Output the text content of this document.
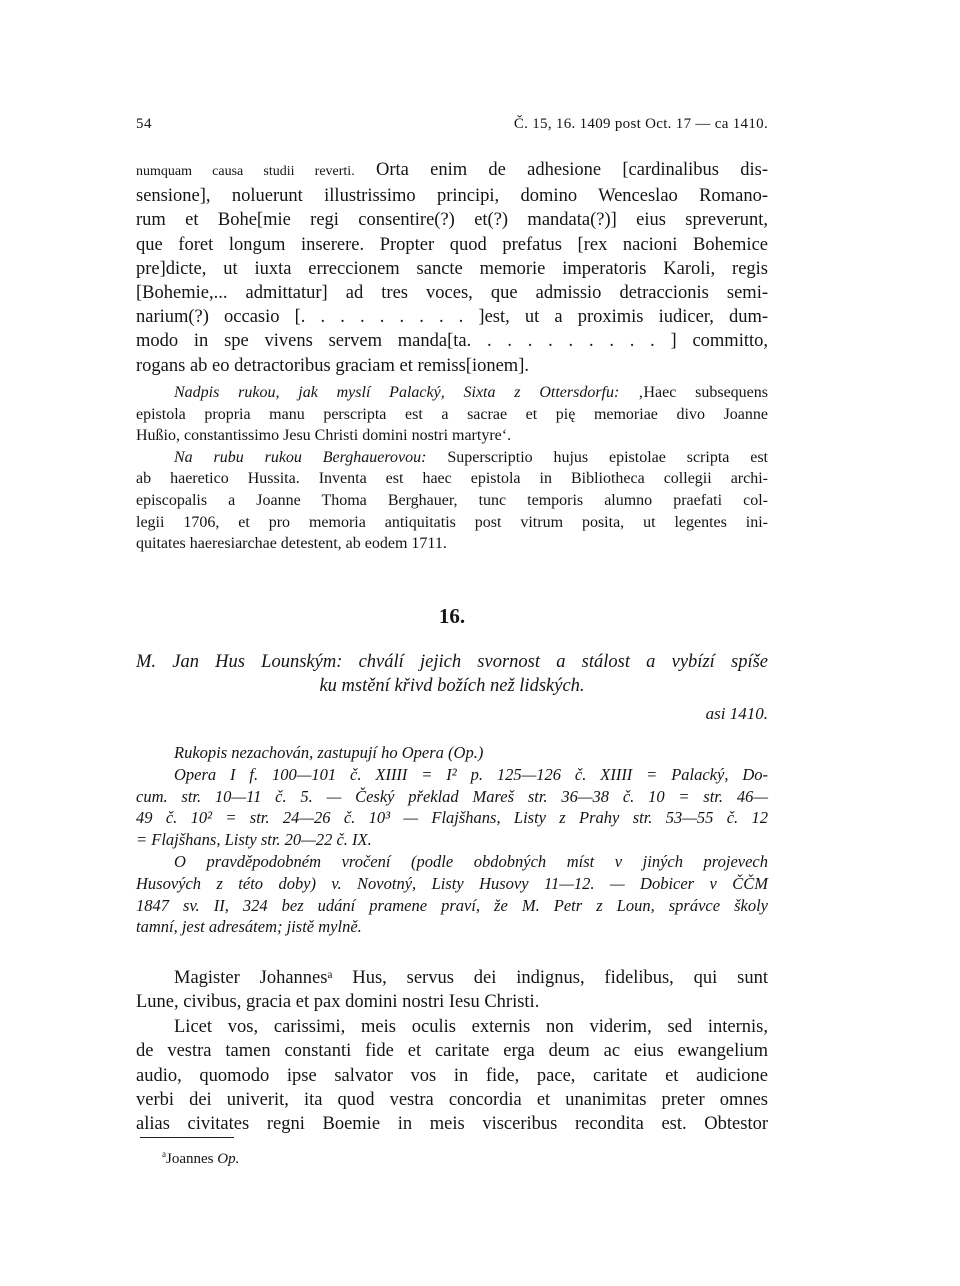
54	Č. 15, 16. 1409 post Oct. 17 — ca 1410.
numquam causa studii reverti. Orta enim de adhesione [cardinalibus dis-
sensione], noluerunt illustrissimo principi, domino Wenceslao Romano-
rum et Bohe[mie regi consentire(?) et(?) mandata(?)] eius spreverunt,
que foret longum inserere. Propter quod prefatus [rex nacioni Bohemice
pre]dicte, ut iuxta erreccionem sancte memorie imperatoris Karoli, regis
[Bohemie,... admittatur] ad tres voces, que admissio detraccionis semi-
narium(?) occasio [. . . . . . . . . ]est, ut a proximis iudicer, dum-
modo in spe vivens servem manda[ta. . . . . . . . . . ] committo,
rogans ab eo detractoribus graciam et remiss[ionem].
Nadpis rukou, jak myslí Palacký, Sixta z Ottersdorfu: ‚Haec subsequens
epistola propria manu perscripta est a sacrae et pię memoriae divo Joanne
Hußio, constantissimo Jesu Christi domini nostri martyre‘.
Na rubu rukou Berghauerovou: Superscriptio hujus epistolae scripta est
ab haeretico Hussita. Inventa est haec epistola in Bibliotheca collegii archi-
episcopalis a Joanne Thoma Berghauer, tunc temporis alumno praefati col-
legii 1706, et pro memoria antiquitatis post vitrum posita, ut legentes ini-
quitates haeresiarchae detestent, ab eodem 1711.
16.
M. Jan Hus Lounským: chválí jejich svornost a stálost a vybízí spíše
ku mstění křivd božích než lidských.
asi 1410.
Rukopis nezachován, zastupují ho Opera (Op.)
Opera I f. 100—101 č. XIIII = I² p. 125—126 č. XIIII = Palacký, Do-
cum. str. 10—11 č. 5. — Český překlad Mareš str. 36—38 č. 10 = str. 46—
49 č. 10² = str. 24—26 č. 10³ — Flajšhans, Listy z Prahy str. 53—55 č. 12
= Flajšhans, Listy str. 20—22 č. IX.
O pravděpodobném vročení (podle obdobných míst v jiných projevech
Husových z této doby) v. Novotný, Listy Husovy 11—12. — Dobicer v ČČM
1847 sv. II, 324 bez udání pramene praví, že M. Petr z Loun, správce školy
tamní, jest adresátem; jistě mylně.
Magister Johannesᵃ Hus, servus dei indignus, fidelibus, qui sunt
Lune, civibus, gracia et pax domini nostri Iesu Christi.
Licet vos, carissimi, meis oculis externis non viderim, sed internis,
de vestra tamen constanti fide et caritate erga deum ac eius ewangelium
audio, quomodo ipse salvator vos in fide, pace, caritate et audicione
verbi dei univerit, ita quod vestra concordia et unanimitas preter omnes
alias civitates regni Boemie in meis visceribus recondita est. Obtestor
$^a$Joannes Op.
